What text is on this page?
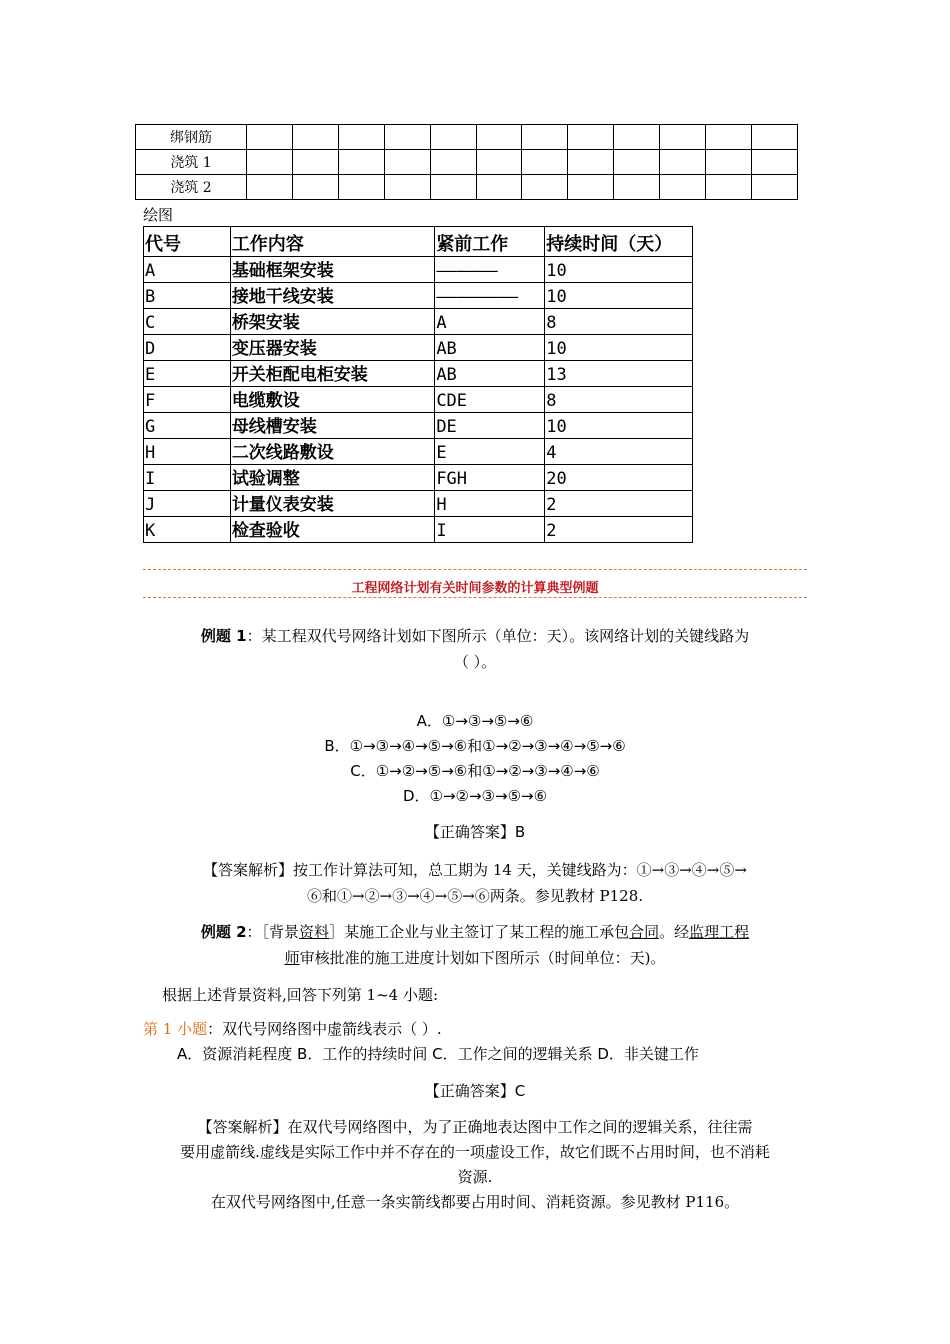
绑钢筋												
浇筑 1												
浇筑 2												
绘图
代号	工作内容	紧前工作	持续时间（天）
A	基础框架安装	——————	10
B	接地干线安装	————————	10
C	桥架安装	A	8
D	变压器安装	AB	10
E	开关柜配电柜安装	AB	13
F	电缆敷设	CDE	8
G	母线槽安装	DE	10
H	二次线路敷设	E	4
I	试验调整	FGH	20
J	计量仪表安装	H	2
K	检查验收	I	2
工程网络计划有关时间参数的计算典型例题
例题 1：某工程双代号网络计划如下图所示（单位：天）。该网络计划的关键线路为
（ ）。
A．①→③→⑤→⑥
B．①→③→④→⑤→⑥和①→②→③→④→⑤→⑥
C．①→②→⑤→⑥和①→②→③→④→⑥
D．①→②→③→⑤→⑥
【正确答案】B
【答案解析】按工作计算法可知，总工期为 14 天，关键线路为：①→③→④→⑤→
⑥和①→②→③→④→⑤→⑥两条。参见教材 P128.
例题 2：［背景资料］某施工企业与业主签订了某工程的施工承包合同。经监理工程
师审核批准的施工进度计划如下图所示（时间单位：天)。
根据上述背景资料,回答下列第 1~4 小题:
第 1 小题：双代号网络图中虚箭线表示（ ）.
A．资源消耗程度 B．工作的持续时间 C．工作之间的逻辑关系 D．非关键工作
【正确答案】C
【答案解析】在双代号网络图中，为了正确地表达图中工作之间的逻辑关系，往往需
要用虚箭线.虚线是实际工作中并不存在的一项虚设工作，故它们既不占用时间，也不消耗
资源.
在双代号网络图中,任意一条实箭线都要占用时间、消耗资源。参见教材 P116。
